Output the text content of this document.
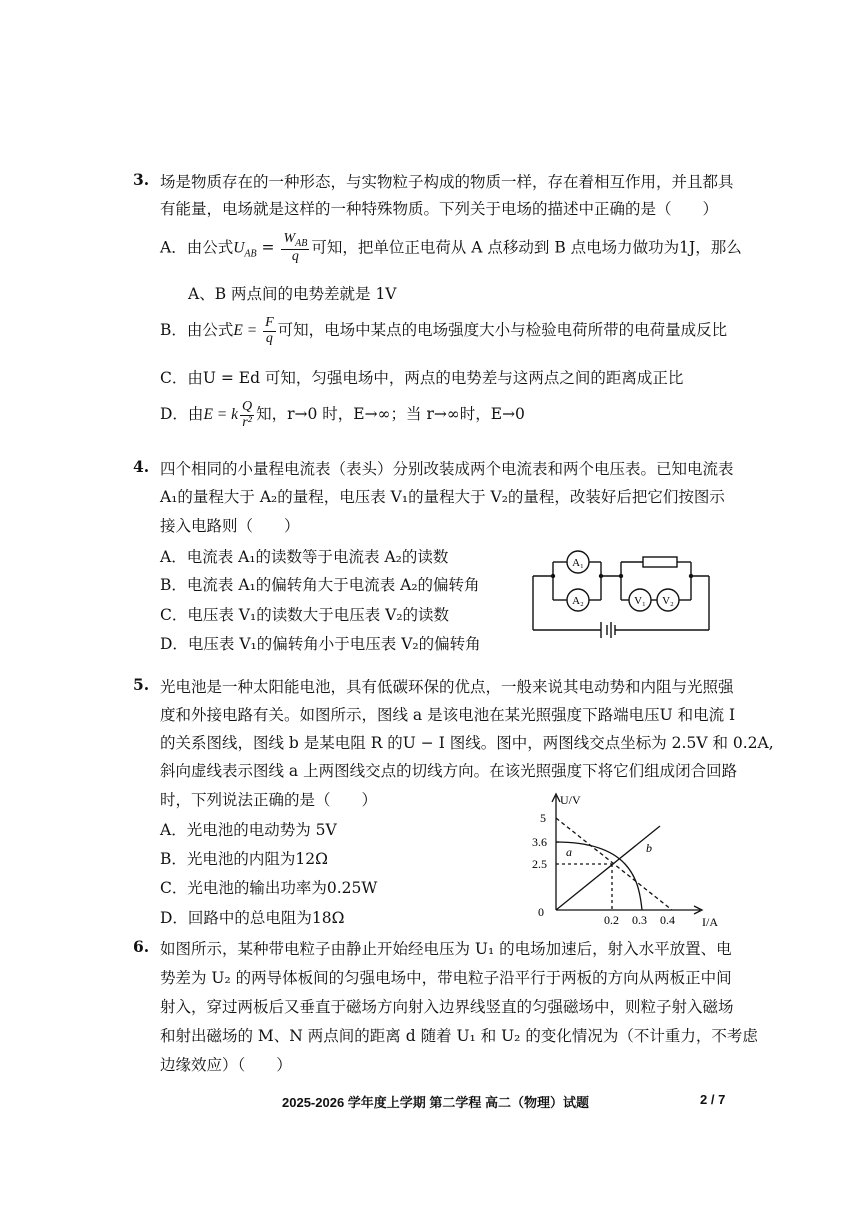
3. 场是物质存在的一种形态，与实物粒子构成的物质一样，存在着相互作用，并且都具
有能量，电场就是这样的一种特殊物质。下列关于电场的描述中正确的是（　　）
A．由公式$U_{AB} = \frac{W_{AB}}{q}$ 可知，把单位正电荷从 A 点移动到 B 点电场力做功为1J，那么
A、B 两点间的电势差就是 1V
B．由公式$E = \frac{F}{q}$ 可知，电场中某点的电场强度大小与检验电荷所带的电荷量成反比
C．由U = Ed 可知，匀强电场中，两点的电势差与这两点之间的距离成正比
D．由E = k $\frac{Q}{\text{r²}}$ 知，r→0 时，E→∞；当 r→∞时，E→0
4. 四个相同的小量程电流表（表头）分别改装成两个电流表和两个电压表。已知电流表
A₁的量程大于 A₂的量程，电压表 V₁的量程大于 V₂的量程，改装好后把它们按图示
接入电路则（　　）
A．电流表 A₁的读数等于电流表 A₂的读数
B．电流表 A₁的偏转角大于电流表 A₂的偏转角
C．电压表 V₁的读数大于电压表 V₂的读数
D．电压表 V₁的偏转角小于电压表 V₂的偏转角
A₁
A₂	V₁ V₂
5. 光电池是一种太阳能电池，具有低碳环保的优点，一般来说其电动势和内阻与光照强
度和外接电路有关。如图所示，图线 a 是该电池在某光照强度下路端电压U 和电流 I
的关系图线，图线 b 是某电阻 R 的U − I 图线。图中，两图线交点坐标为 2.5V 和 0.2A,
斜向虚线表示图线 a 上两图线交点的切线方向。在该光照强度下将它们组成闭合回路
时，下列说法正确的是（　　）
A．光电池的电动势为 5V
B．光电池的内阻为12Ω
C．光电池的输出功率为0.25W
D．回路中的总电阻为18Ω
U/V
I/A
0
5
3.6
2.5
0.2 0.3 0.4
a	b
6. 如图所示，某种带电粒子由静止开始经电压为 U₁ 的电场加速后，射入水平放置、电
势差为 U₂ 的两导体板间的匀强电场中，带电粒子沿平行于两板的方向从两板正中间
射入，穿过两板后又垂直于磁场方向射入边界线竖直的匀强磁场中，则粒子射入磁场
和射出磁场的 M、N 两点间的距离 d 随着 U₁ 和 U₂ 的变化情况为（不计重力，不考虑
边缘效应）（　　）
2025-2026 学年度上学期 第二学程 高二（物理）试题	2 / 7
